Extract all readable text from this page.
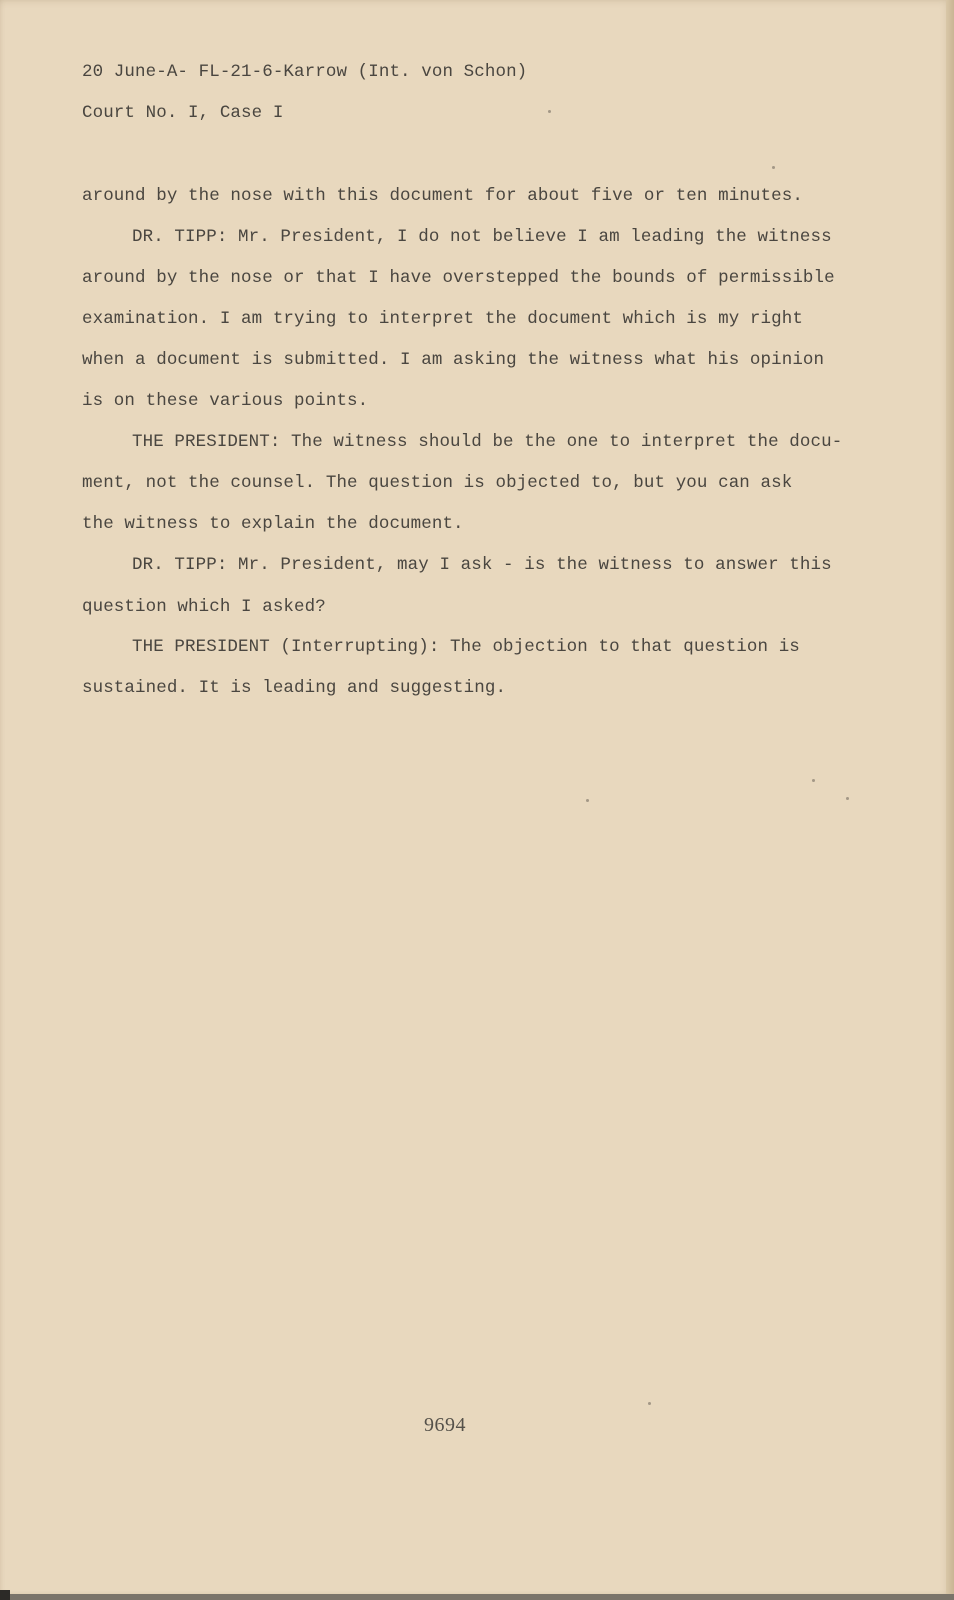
20 June-A- FL-21-6-Karrow (Int. von Schon)
Court No. I, Case I
around by the nose with this document for about five or ten minutes.
DR. TIPP: Mr. President, I do not believe I am leading the witness
around by the nose or that I have overstepped the bounds of permissible
examination. I am trying to interpret the document which is my right
when a document is submitted. I am asking the witness what his opinion
is on these various points.
THE PRESIDENT: The witness should be the one to interpret the docu-
ment, not the counsel. The question is objected to, but you can ask
the witness to explain the document.
DR. TIPP: Mr. President, may I ask - is the witness to answer this
question which I asked?
THE PRESIDENT (Interrupting): The objection to that question is
sustained. It is leading and suggesting.
9694
